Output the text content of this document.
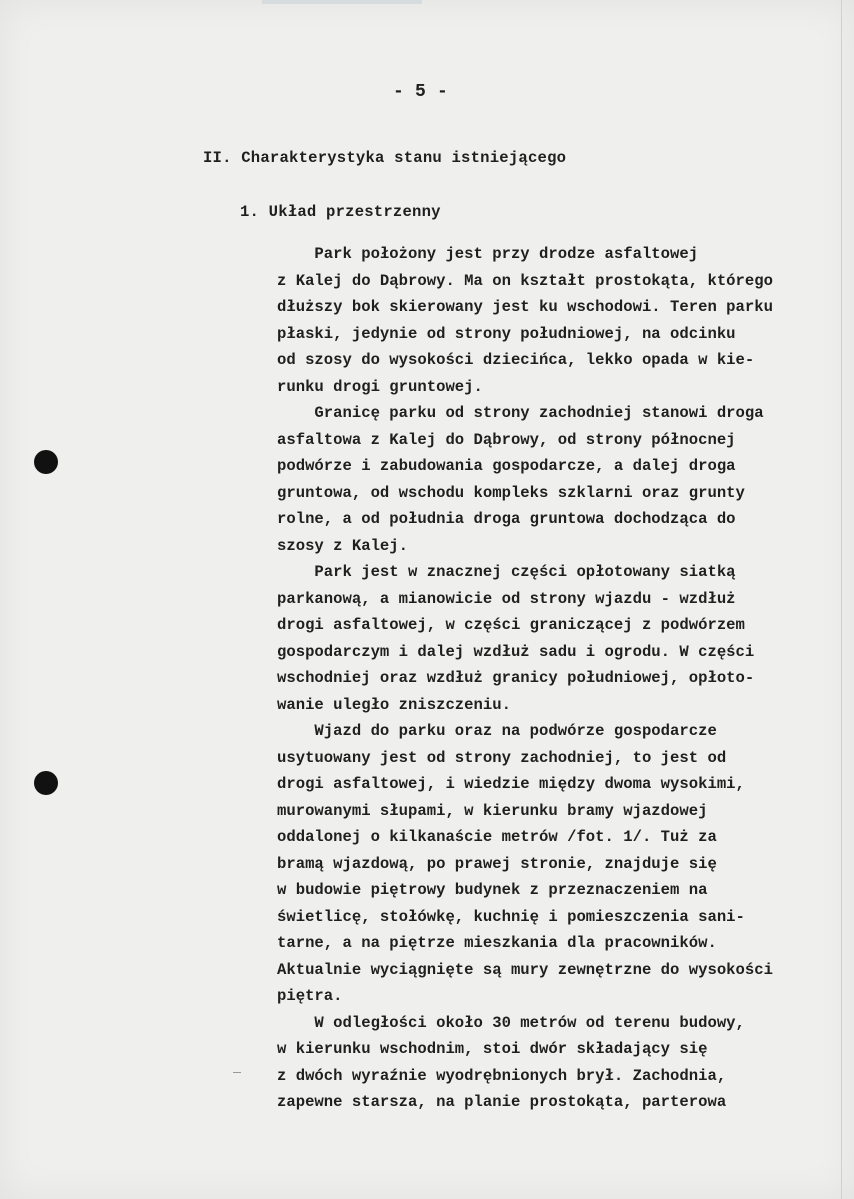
- 5 -

II. Charakterystyka stanu istniejącego

1. Układ przestrzenny

Park położony jest przy drodze asfaltowej
z Kalej do Dąbrowy. Ma on kształt prostokąta, którego
dłuższy bok skierowany jest ku wschodowi. Teren parku
płaski, jedynie od strony południowej, na odcinku
od szosy do wysokości dziecińca, lekko opada w kie-
runku drogi gruntowej.
Granicę parku od strony zachodniej stanowi droga
asfaltowa z Kalej do Dąbrowy, od strony północnej
podwórze i zabudowania gospodarcze, a dalej droga
gruntowa, od wschodu kompleks szklarni oraz grunty
rolne, a od południa droga gruntowa dochodząca do
szosy z Kalej.
Park jest w znacznej części opłotowany siatką
parkanową, a mianowicie od strony wjazdu - wzdłuż
drogi asfaltowej, w części graniczącej z podwórzem
gospodarczym i dalej wzdłuż sadu i ogrodu. W części
wschodniej oraz wzdłuż granicy południowej, opłoto-
wanie uległo zniszczeniu.
Wjazd do parku oraz na podwórze gospodarcze
usytuowany jest od strony zachodniej, to jest od
drogi asfaltowej, i wiedzie między dwoma wysokimi,
murowanymi słupami, w kierunku bramy wjazdowej
oddalonej o kilkanaście metrów /fot. 1/. Tuż za
bramą wjazdową, po prawej stronie, znajduje się
w budowie piętrowy budynek z przeznaczeniem na
świetlicę, stołówkę, kuchnię i pomieszczenia sani-
tarne, a na piętrze mieszkania dla pracowników.
Aktualnie wyciągnięte są mury zewnętrzne do wysokości
piętra.
W odległości około 30 metrów od terenu budowy,
w kierunku wschodnim, stoi dwór składający się
z dwóch wyraźnie wyodrębnionych brył. Zachodnia,
zapewne starsza, na planie prostokąta, parterowa
